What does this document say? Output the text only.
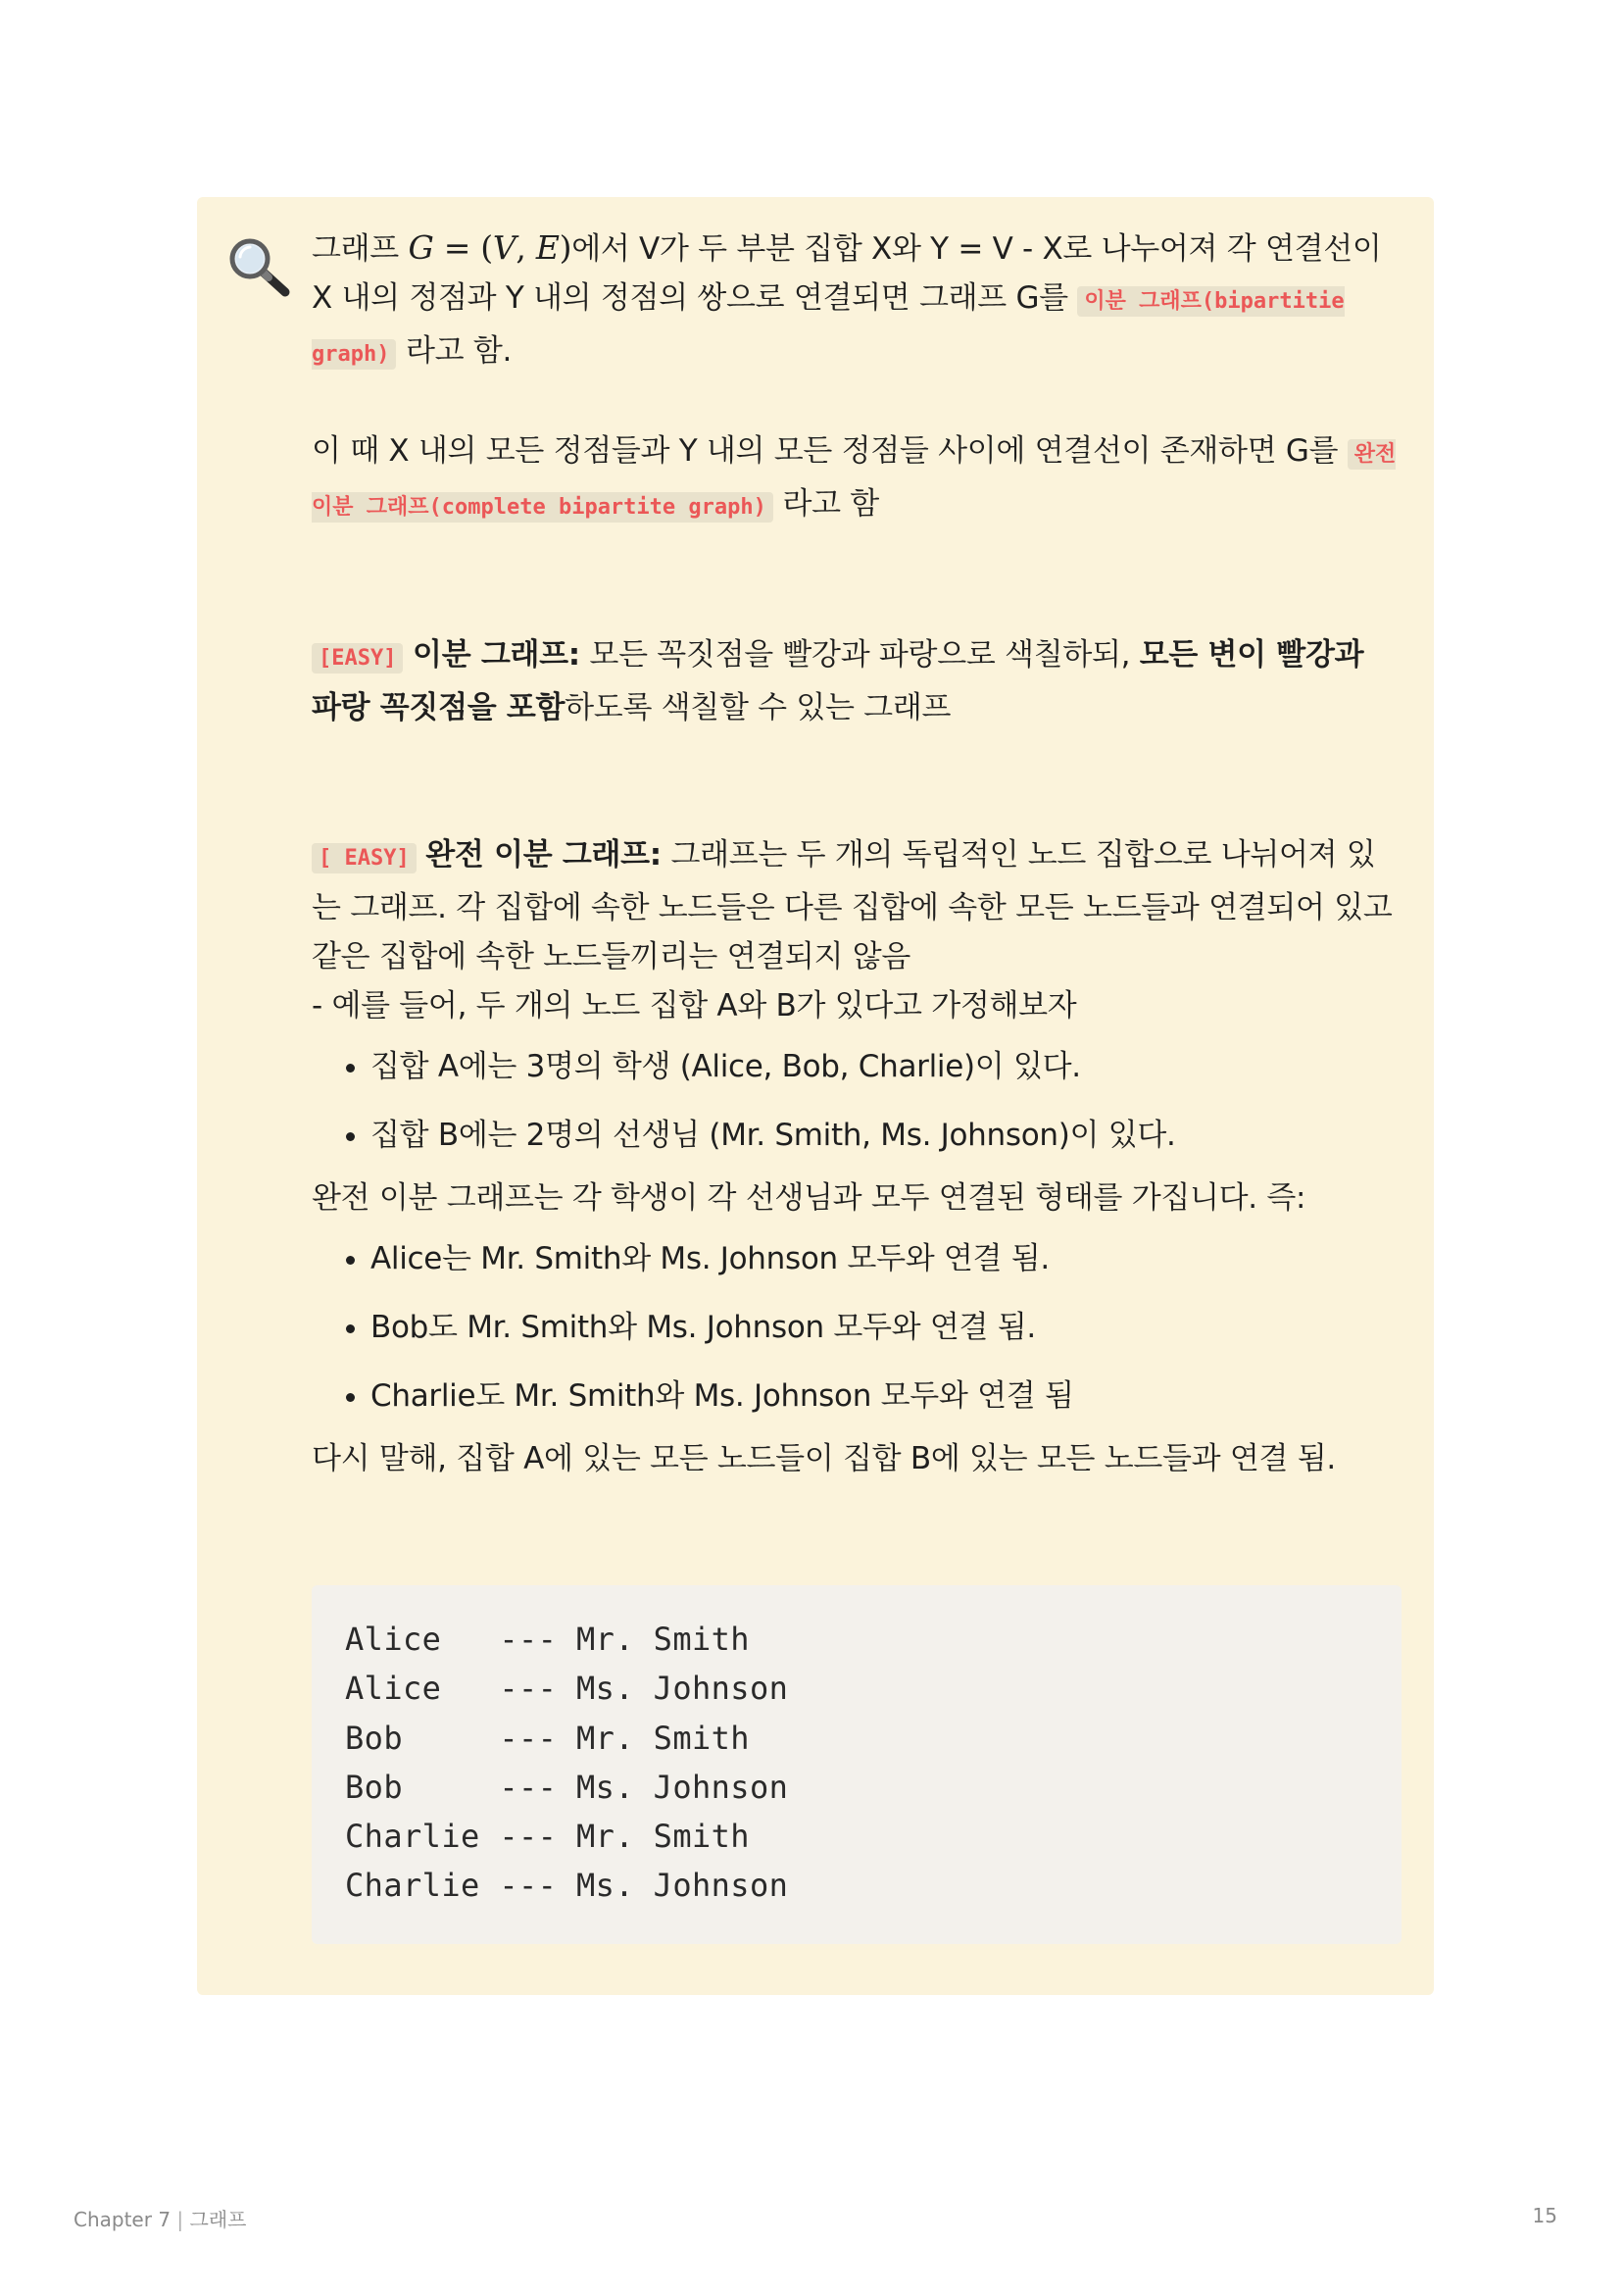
그래프 G = (V, E)에서 V가 두 부분 집합 X와 Y = V - X로 나누어져 각 연결선이 X 내의 정점과 Y 내의 정점의 쌍으로 연결되면 그래프 G를 이분 그래프(bipartitie graph) 라고 함.

이 때 X 내의 모든 정점들과 Y 내의 모든 정점들 사이에 연결선이 존재하면 G를 완전 이분 그래프(complete bipartite graph) 라고 함

[EASY] 이분 그래프: 모든 꼭짓점을 빨강과 파랑으로 색칠하되, 모든 변이 빨강과 파랑 꼭짓점을 포함하도록 색칠할 수 있는 그래프

[ EASY] 완전 이분 그래프: 그래프는 두 개의 독립적인 노드 집합으로 나뉘어져 있는 그래프. 각 집합에 속한 노드들은 다른 집합에 속한 모든 노드들과 연결되어 있고 같은 집합에 속한 노드들끼리는 연결되지 않음

- 예를 들어, 두 개의 노드 집합 A와 B가 있다고 가정해보자

• 집합 A에는 3명의 학생 (Alice, Bob, Charlie)이 있다.
• 집합 B에는 2명의 선생님 (Mr. Smith, Ms. Johnson)이 있다.

완전 이분 그래프는 각 학생이 각 선생님과 모두 연결된 형태를 가집니다. 즉:

• Alice는 Mr. Smith와 Ms. Johnson 모두와 연결 됨.
• Bob도 Mr. Smith와 Ms. Johnson 모두와 연결 됨.
• Charlie도 Mr. Smith와 Ms. Johnson 모두와 연결 됨

다시 말해, 집합 A에 있는 모든 노드들이 집합 B에 있는 모든 노드들과 연결 됨.

Alice   --- Mr. Smith
Alice   --- Ms. Johnson
Bob     --- Mr. Smith
Bob     --- Ms. Johnson
Charlie --- Mr. Smith
Charlie --- Ms. Johnson
Chapter 7 | 그래프	15
